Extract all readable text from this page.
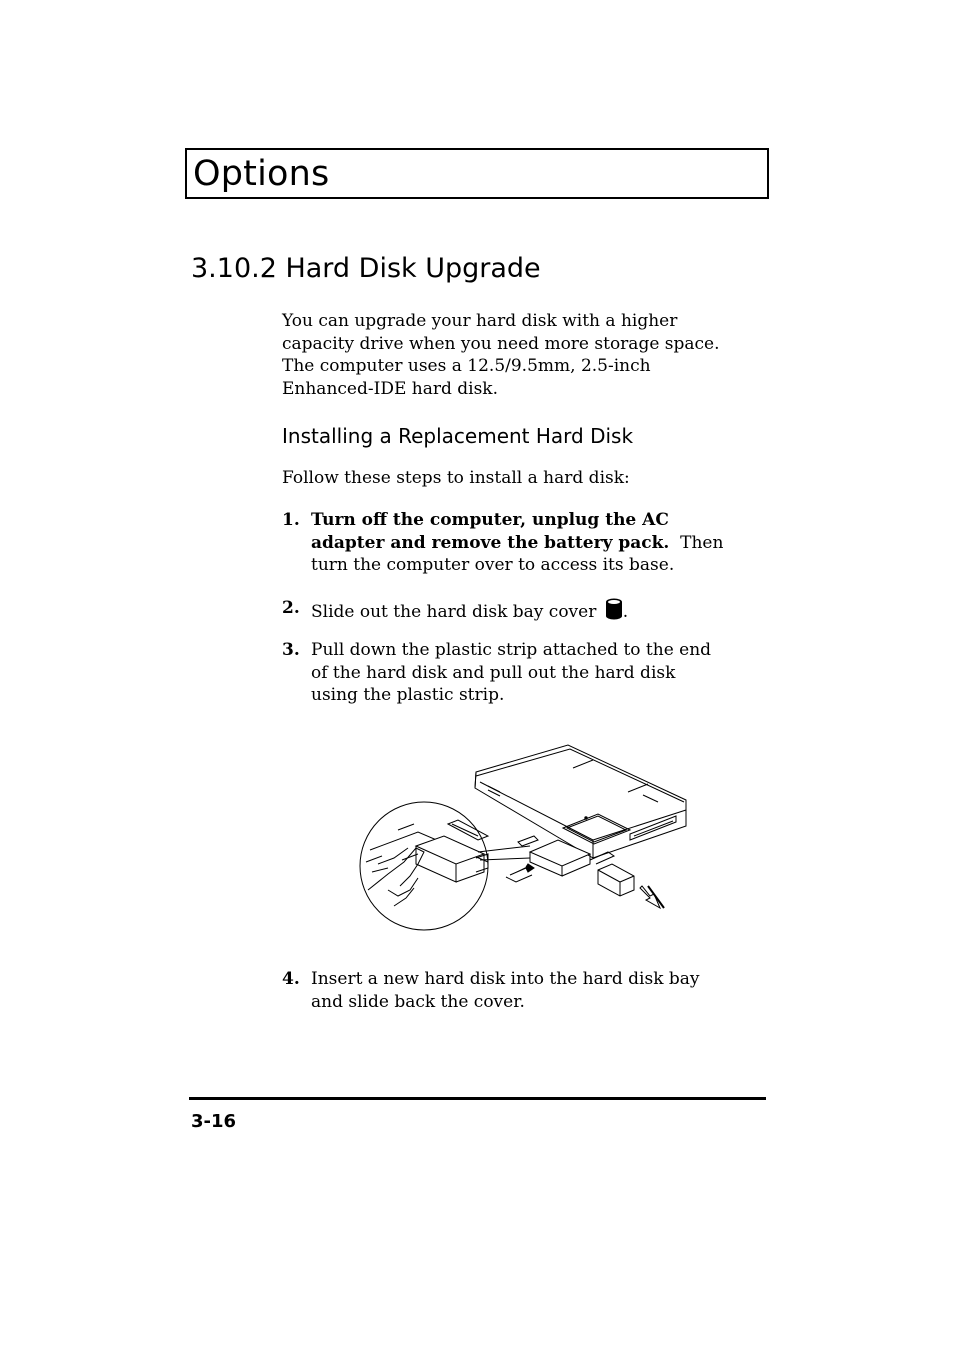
Options
3.10.2 Hard Disk Upgrade
You can upgrade your hard disk with a higher
capacity drive when you need more storage space.
The computer uses a 12.5/9.5mm, 2.5-inch
Enhanced-IDE hard disk.
Installing a Replacement Hard Disk
Follow these steps to install a hard disk:
1. Turn off the computer, unplug the AC
adapter and remove the battery pack. Then
turn the computer over to access its base.
2. Slide out the hard disk bay cover .
3. Pull down the plastic strip attached to the end
of the hard disk and pull out the hard disk
using the plastic strip.
4. Insert a new hard disk into the hard disk bay
and slide back the cover.
3-16
